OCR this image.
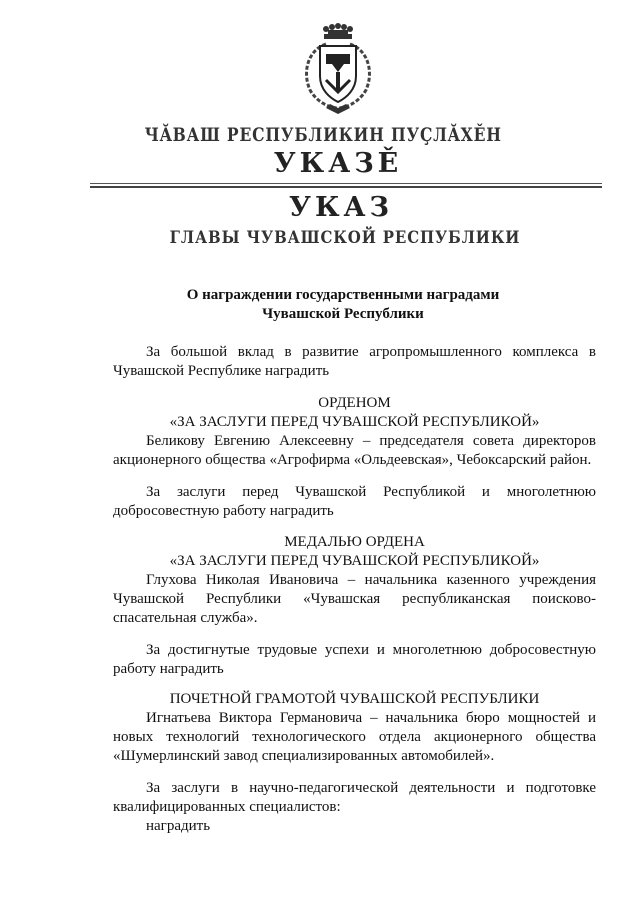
ЧĂВАШ РЕСПУБЛИКИН ПУÇЛĂХĚН
УКАЗĚ
УКАЗ
ГЛАВЫ ЧУВАШСКОЙ РЕСПУБЛИКИ
О награждении государственными наградами
Чувашской Республики
За большой вклад в развитие агропромышленного комплекса в Чувашской Республике наградить
ОРДЕНОМ
«ЗА ЗАСЛУГИ ПЕРЕД ЧУВАШСКОЙ РЕСПУБЛИКОЙ»
Беликову Евгению Алексеевну – председателя совета директоров акционерного общества «Агрофирма «Ольдеевская», Чебоксарский район.
За заслуги перед Чувашской Республикой и многолетнюю добросовестную работу наградить
МЕДАЛЬЮ ОРДЕНА
«ЗА ЗАСЛУГИ ПЕРЕД ЧУВАШСКОЙ РЕСПУБЛИКОЙ»
Глухова Николая Ивановича – начальника казенного учреждения Чувашской Республики «Чувашская республиканская поисково-спасательная служба».
За достигнутые трудовые успехи и многолетнюю добросовестную работу наградить
ПОЧЕТНОЙ ГРАМОТОЙ ЧУВАШСКОЙ РЕСПУБЛИКИ
Игнатьева Виктора Германовича – начальника бюро мощностей и новых технологий технологического отдела акционерного общества «Шумерлинский завод специализированных автомобилей».
За заслуги в научно-педагогической деятельности и подготовке квалифицированных специалистов:
наградить
